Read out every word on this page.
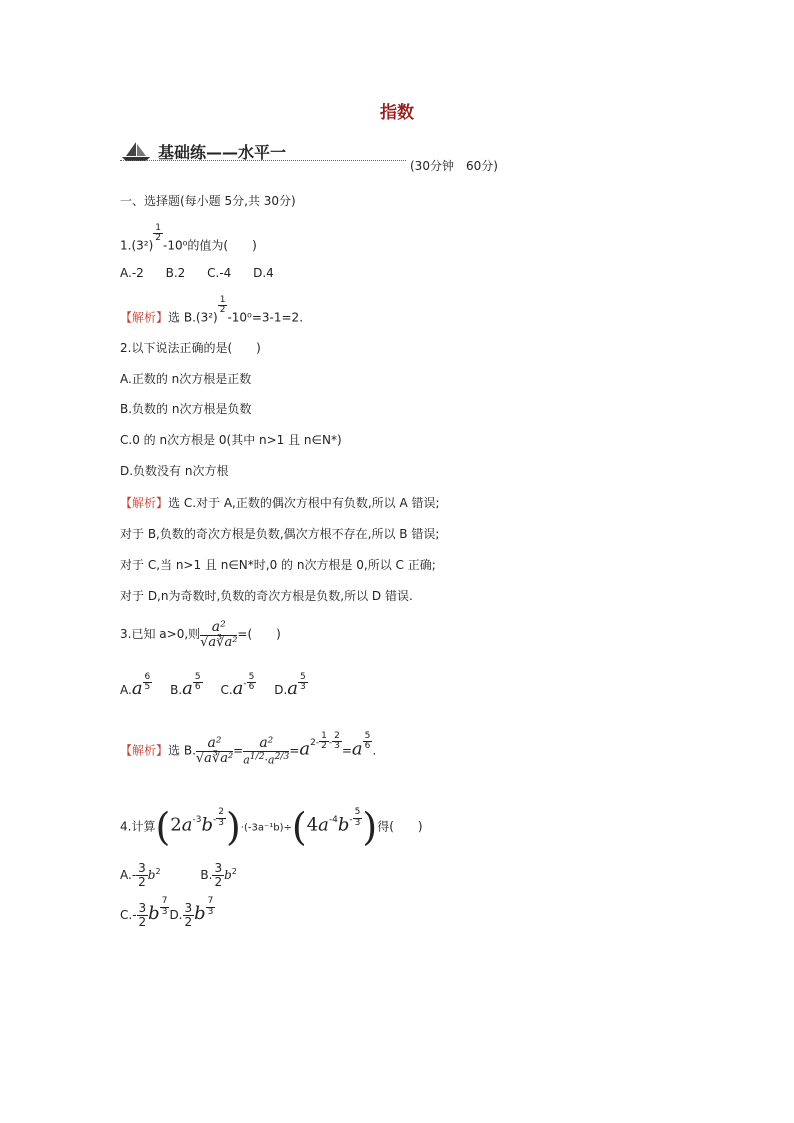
指数
基础练——水平一
(30分钟　60分)
一、选择题(每小题 5分,共 30分)
1.(3²)
$\frac{1}{2}$
-10⁰的值为(　　)
A.-2 B.2 C.-4 D.4
【解析】选 B.(3²)
$\frac{1}{2}$
-10⁰=3-1=2.
2.以下说法正确的是(　　)
A.正数的 n次方根是正数
B.负数的 n次方根是负数
C.0 的 n次方根是 0(其中 n>1 且 n∈N*)
D.负数没有 n次方根
【解析】选 C.对于 A,正数的偶次方根中有负数,所以 A 错误;
对于 B,负数的奇次方根是负数,偶次方根不存在,所以 B 错误;
对于 C,当 n>1 且 n∈N*时,0 的 n次方根是 0,所以 C 正确;
对于 D,n为奇数时,负数的奇次方根是负数,所以 D 错误.
3.已知 a>0,则 $\frac{\text{a²}}{\text{√a∛a²}}$ =(　　)
$A.a \frac{6}{5} B.a \frac{5}{6} C.a^- \frac{5}{6} D.a \frac{5}{3}$
【解析】选 B. $\frac{\text{a²}}{\text{√a∛a²}} = \frac{\text{a²}}{a^{1/2}\cdot a^{2/3}} =a^{2-} \frac{1}{2} ^- \frac{2}{3} =a \frac{5}{6}$ .
4.计算$(2a^{-3}b^- \frac{2}{3} )\cdot(-3a^{-1}b)\div(4a^{-4}b^- \frac{5}{3}$ )得(　　)
$A.- \frac{3}{2} b^2$	B. $\frac{3}{2} b^2$
$C.- \frac{3}{2}$ b $\frac{7}{3} D$. $\frac{3}{2}$ b $\frac{7}{3}$
